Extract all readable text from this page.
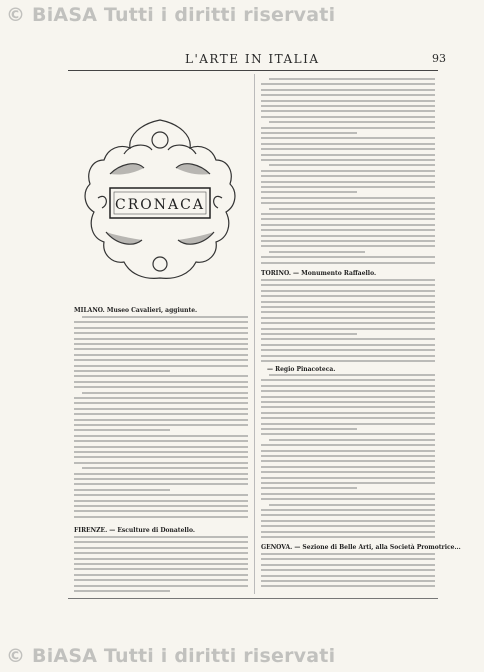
© BiASA Tutti i diritti riservati
L'ARTE IN ITALIA	93
CRONACA
MILANO. Museo Cavalieri, aggiunte.
FIRENZE. — Esculture di Donatello.
TORINO. — Monumento Raffaello.
— Regio Pinacoteca.
GENOVA. — Sezione di Belle Arti, alla Società Promotrice...
© BiASA Tutti i diritti riservati
